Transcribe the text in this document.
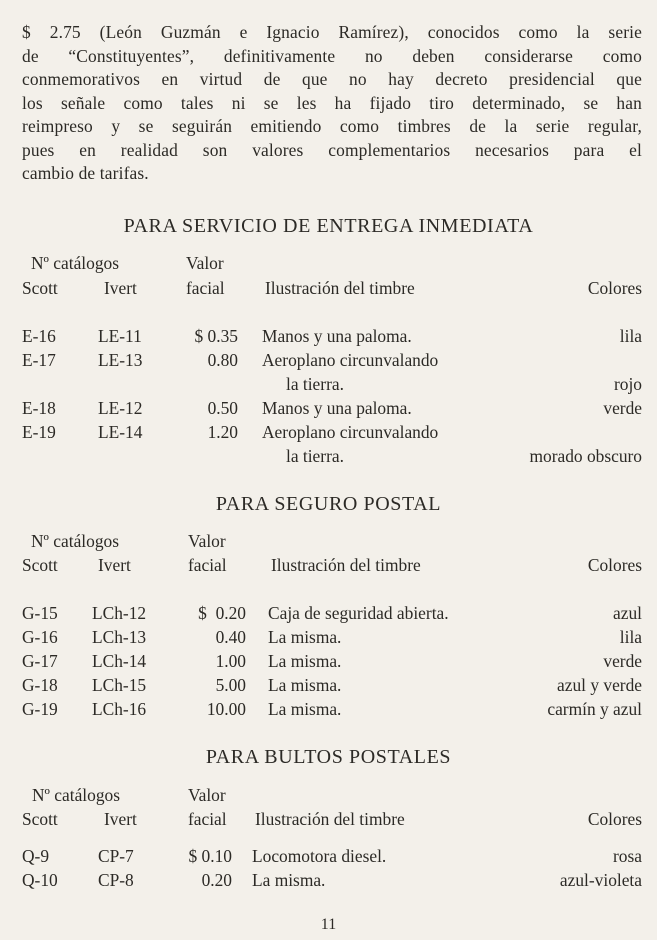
$ 2.75 (León Guzmán e Ignacio Ramírez), conocidos como la serie
de “Constituyentes”, definitivamente no deben considerarse como
conmemorativos en virtud de que no hay decreto presidencial que
los señale como tales ni se les ha fijado tiro determinado, se han
reimpreso y se seguirán emitiendo como timbres de la serie regular,
pues en realidad son valores complementarios necesarios para el
cambio de tarifas.
PARA SERVICIO DE ENTREGA INMEDIATA
Nº catálogos	Valor
Scott	Ivert	facial Ilustración del timbre	Colores
E-16 LE-11	$ 0.35 Manos y una paloma.	lila
E-17 LE-13	0.80 Aeroplano circunvalando
la tierra.	rojo
E-18 LE-12	0.50 Manos y una paloma.	verde
E-19 LE-14	1.20 Aeroplano circunvalando
la tierra.	morado obscuro
PARA SEGURO POSTAL
Nº catálogos	Valor
Scott Ivert	facial	Ilustración del timbre	Colores
G-15 LCh-12	$  0.20 Caja de seguridad abierta.	azul
G-16 LCh-13	0.40 La misma.	lila
G-17 LCh-14	1.00 La misma.	verde
G-18 LCh-15	5.00 La misma.	azul y verde
G-19 LCh-16	10.00 La misma.	carmín y azul
PARA BULTOS POSTALES
Nº catálogos	Valor
Scott	Ivert	facial Ilustración del timbre	Colores
Q-9	CP-7	$ 0.10 Locomotora diesel.	rosa
Q-10 CP-8	0.20 La misma.	azul-violeta
11
